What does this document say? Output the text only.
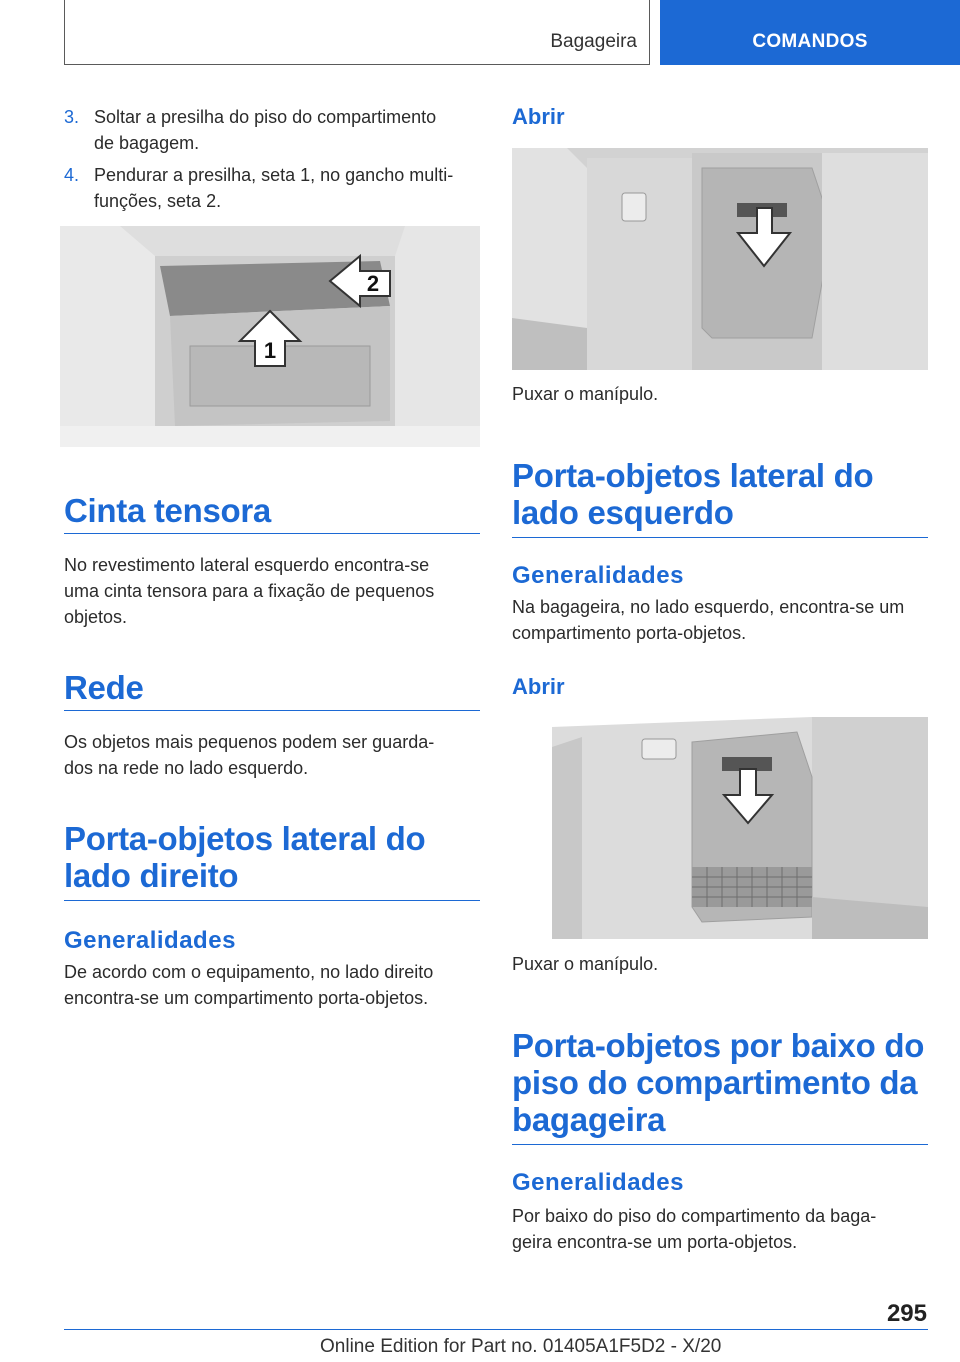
Bagageira	COMANDOS
3. Soltar a presilha do piso do compartimento
de bagagem.
4. Pendurar a presilha, seta 1, no gancho multi-
funções, seta 2.
1
2
Cinta tensora
No revestimento lateral esquerdo encontra-se
uma cinta tensora para a fixação de pequenos
objetos.
Rede
Os objetos mais pequenos podem ser guarda-
dos na rede no lado esquerdo.
Porta-objetos lateral do
lado direito
Generalidades
De acordo com o equipamento, no lado direito
encontra-se um compartimento porta-objetos.
Abrir
Puxar o manípulo.
Porta-objetos lateral do
lado esquerdo
Generalidades
Na bagageira, no lado esquerdo, encontra-se um
compartimento porta-objetos.
Abrir
Puxar o manípulo.
Porta-objetos por baixo do
piso do compartimento da
bagageira
Generalidades
Por baixo do piso do compartimento da baga-
geira encontra-se um porta-objetos.
295
Online Edition for Part no. 01405A1F5D2 - X/20
